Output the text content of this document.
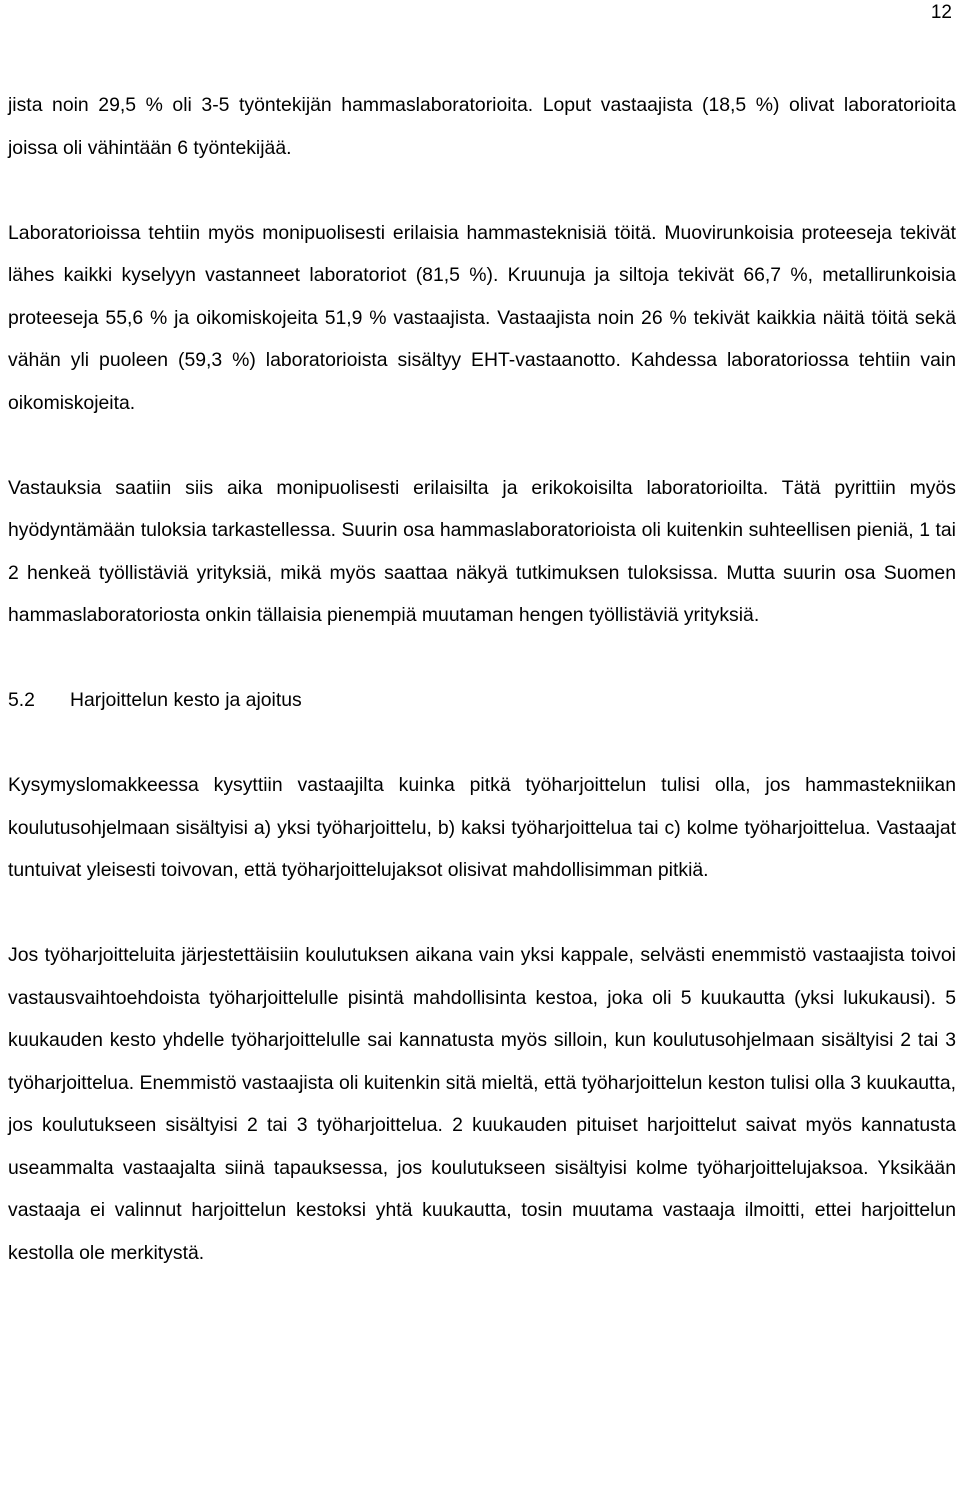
12

jista noin 29,5 % oli 3-5 työntekijän hammaslaboratorioita. Loput vastaajista (18,5 %) olivat laboratorioita joissa oli vähintään 6 työntekijää.

Laboratorioissa tehtiin myös monipuolisesti erilaisia hammasteknisiä töitä. Muovirunkoisia proteeseja tekivät lähes kaikki kyselyyn vastanneet laboratoriot (81,5 %). Kruunuja ja siltoja tekivät 66,7 %, metallirunkoisia proteeseja 55,6 % ja oikomiskojeita 51,9 % vastaajista. Vastaajista noin 26 % tekivät kaikkia näitä töitä sekä vähän yli puoleen (59,3 %) laboratorioista sisältyy EHT-vastaanotto. Kahdessa laboratoriossa tehtiin vain oikomiskojeita.

Vastauksia saatiin siis aika monipuolisesti erilaisilta ja erikokoisilta laboratorioilta. Tätä pyrittiin myös hyödyntämään tuloksia tarkastellessa. Suurin osa hammaslaboratorioista oli kuitenkin suhteellisen pieniä, 1 tai 2 henkeä työllistäviä yrityksiä, mikä myös saattaa näkyä tutkimuksen tuloksissa. Mutta suurin osa Suomen hammaslaboratoriosta onkin tällaisia pienempiä muutaman hengen työllistäviä yrityksiä.

5.2	Harjoittelun kesto ja ajoitus

Kysymyslomakkeessa kysyttiin vastaajilta kuinka pitkä työharjoittelun tulisi olla, jos hammastekniikan koulutusohjelmaan sisältyisi a) yksi työharjoittelu, b) kaksi työharjoittelua tai c) kolme työharjoittelua. Vastaajat tuntuivat yleisesti toivovan, että työharjoittelujaksot olisivat mahdollisimman pitkiä.

Jos työharjoitteluita järjestettäisiin koulutuksen aikana vain yksi kappale, selvästi enemmistö vastaajista toivoi vastausvaihtoehdoista työharjoittelulle pisintä mahdollisinta kestoa, joka oli 5 kuukautta (yksi lukukausi). 5 kuukauden kesto yhdelle työharjoittelulle sai kannatusta myös silloin, kun koulutusohjelmaan sisältyisi 2 tai 3 työharjoittelua. Enemmistö vastaajista oli kuitenkin sitä mieltä, että työharjoittelun keston tulisi olla 3 kuukautta, jos koulutukseen sisältyisi 2 tai 3 työharjoittelua. 2 kuukauden pituiset harjoittelut saivat myös kannatusta useammalta vastaajalta siinä tapauksessa, jos koulutukseen sisältyisi kolme työharjoittelujaksoa. Yksikään vastaaja ei valinnut harjoittelun kestoksi yhtä kuukautta, tosin muutama vastaaja ilmoitti, ettei harjoittelun kestolla ole merkitystä.
